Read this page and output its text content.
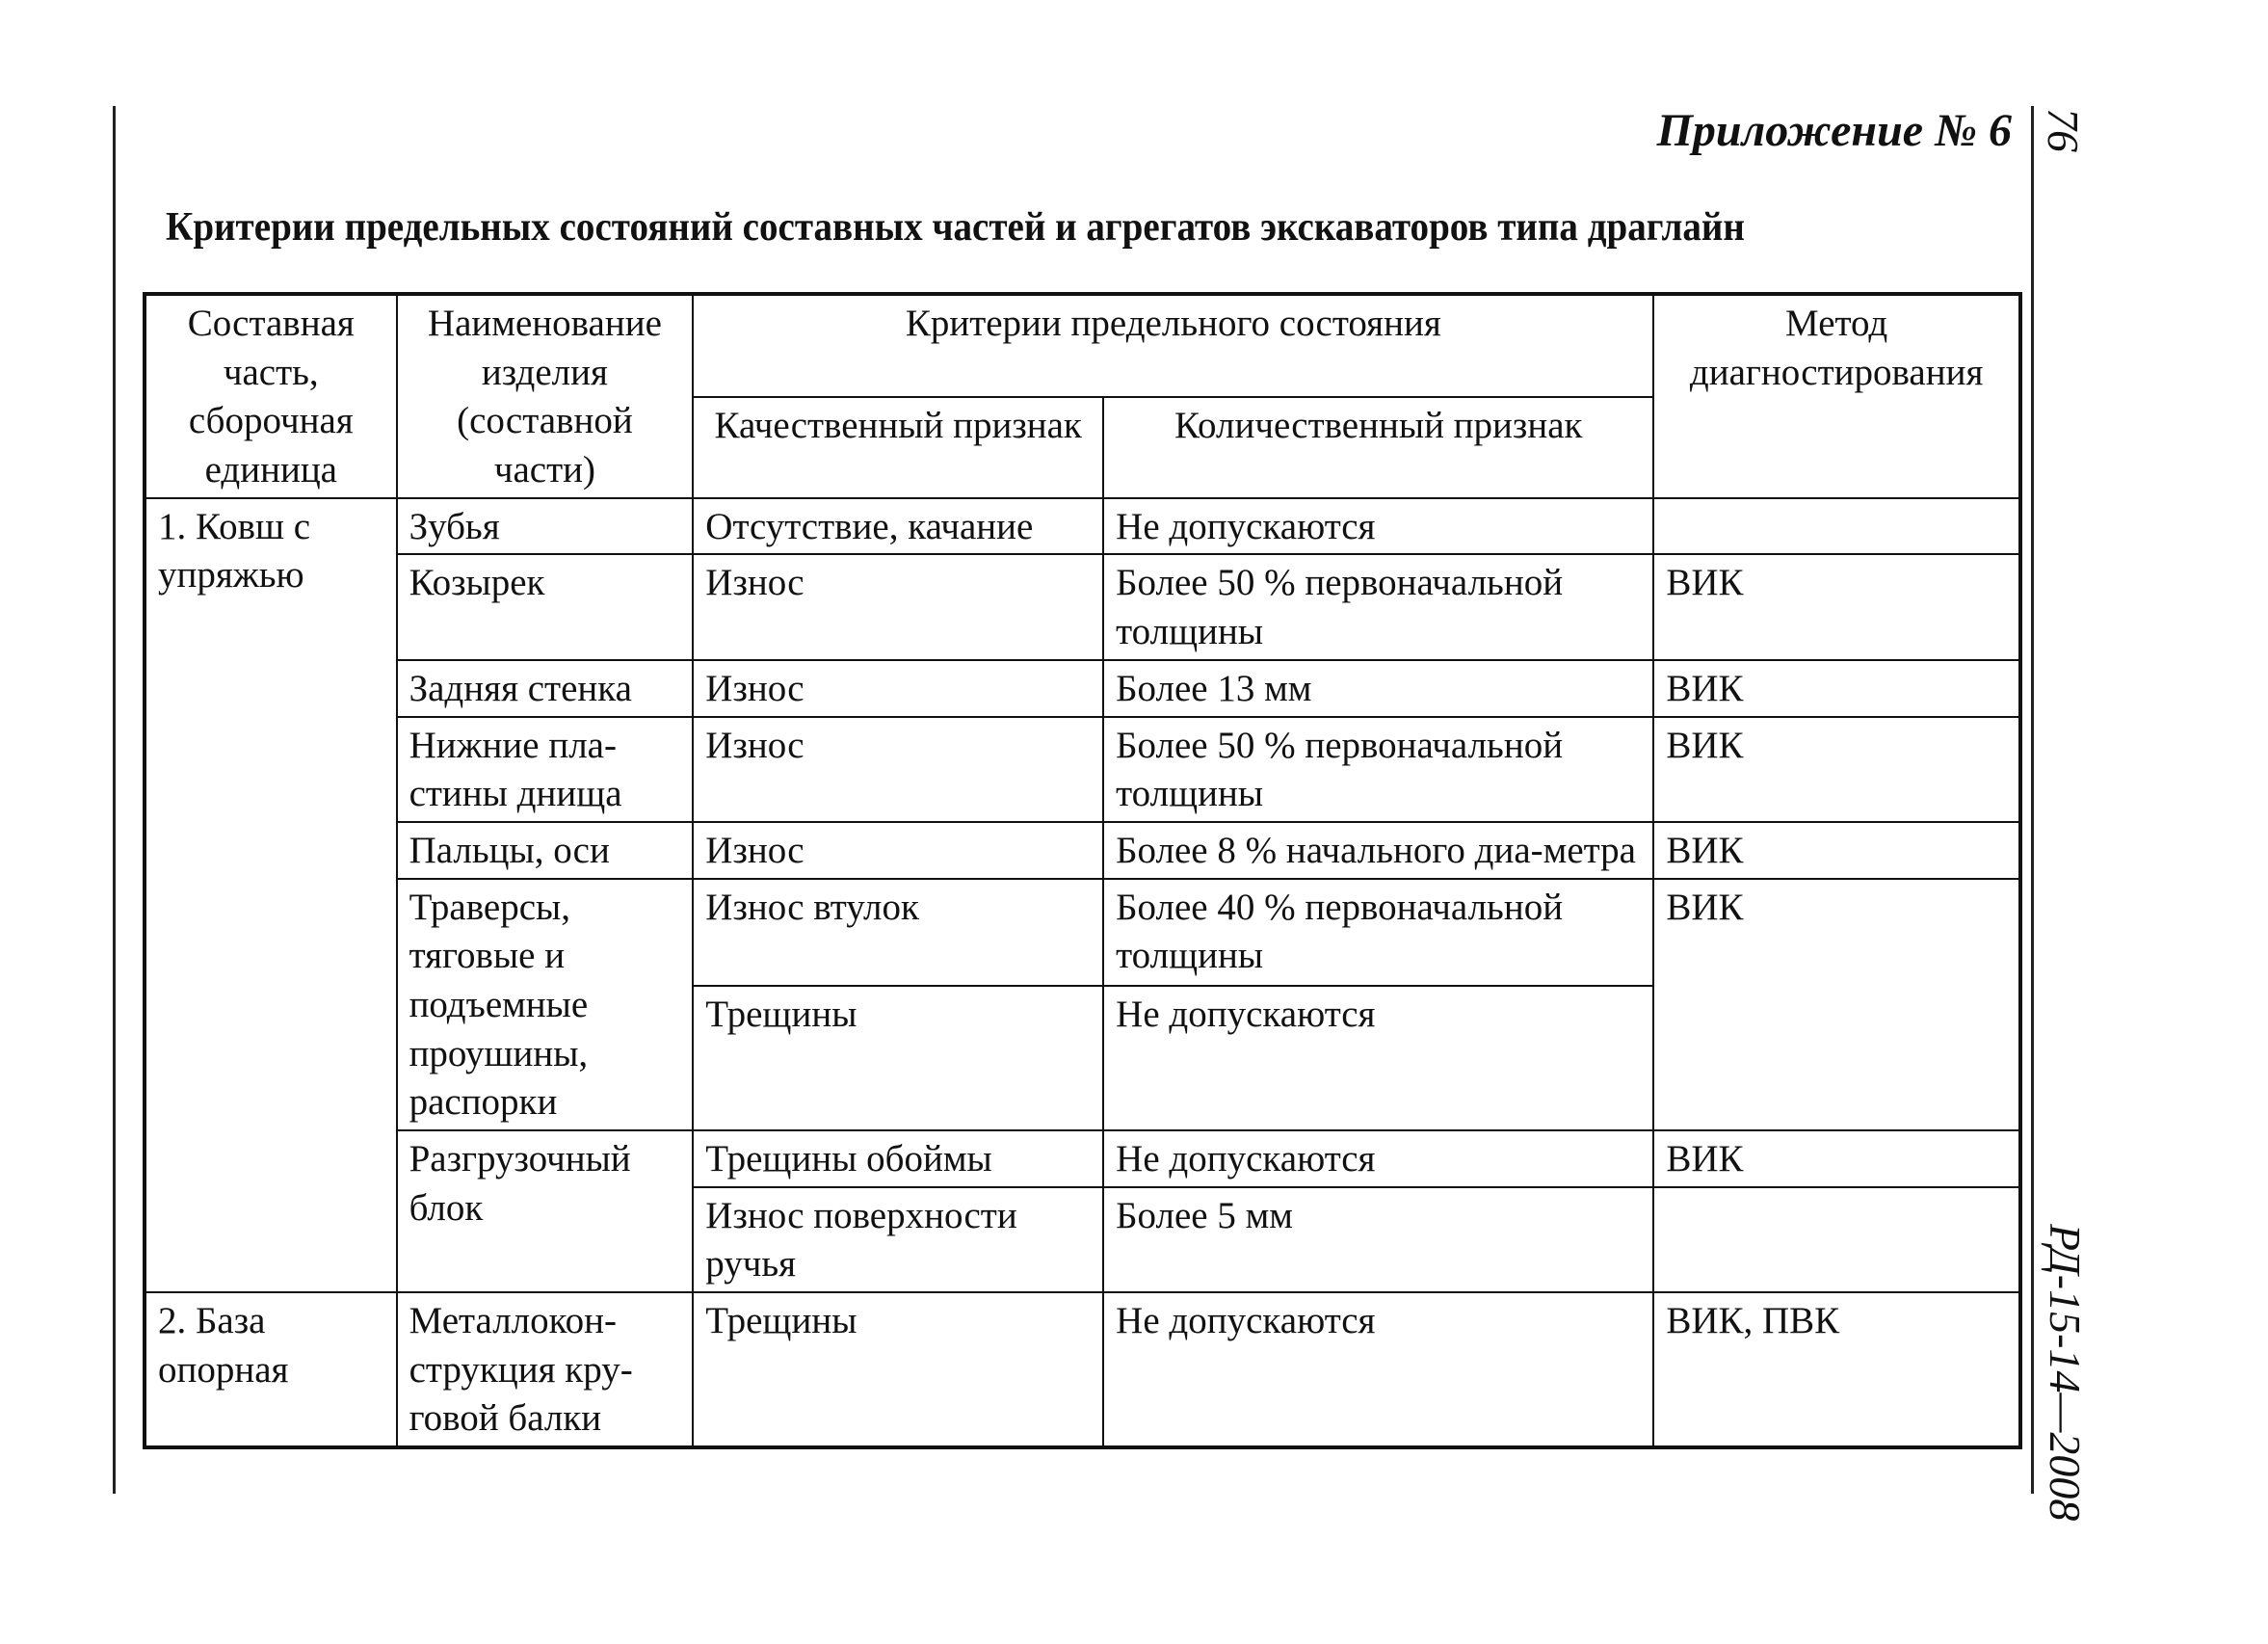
Приложение № 6
Критерии предельных состояний составных частей и агрегатов экскаваторов типа драглайн
76
РД-15-14—2008
Составная часть, сборочная единица	Наименование изделия (составной части)	Критерии предельного состояния		Метод диагностирования
		Качественный признак	Количественный признак	
1. Ковш с упряжью	Зубья	Отсутствие, качание	Не допускаются	
	Козырек	Износ	Более 50 % первоначальной толщины	ВИК
	Задняя стенка	Износ	Более 13 мм	ВИК
	Нижние пла-стины днища	Износ	Более 50 % первоначальной толщины	ВИК
	Пальцы, оси	Износ	Более 8 % начального диа-метра	ВИК
	Траверсы, тяговые и подъемные проушины, распорки	Износ втулок	Более 40 % первоначальной толщины	ВИК
		Трещины	Не допускаются	
	Разгрузочный блок	Трещины обоймы	Не допускаются	ВИК
		Износ поверхности ручья	Более 5 мм	
2. База опорная	Металлокон-струкция кру-говой балки	Трещины	Не допускаются	ВИК, ПВК
